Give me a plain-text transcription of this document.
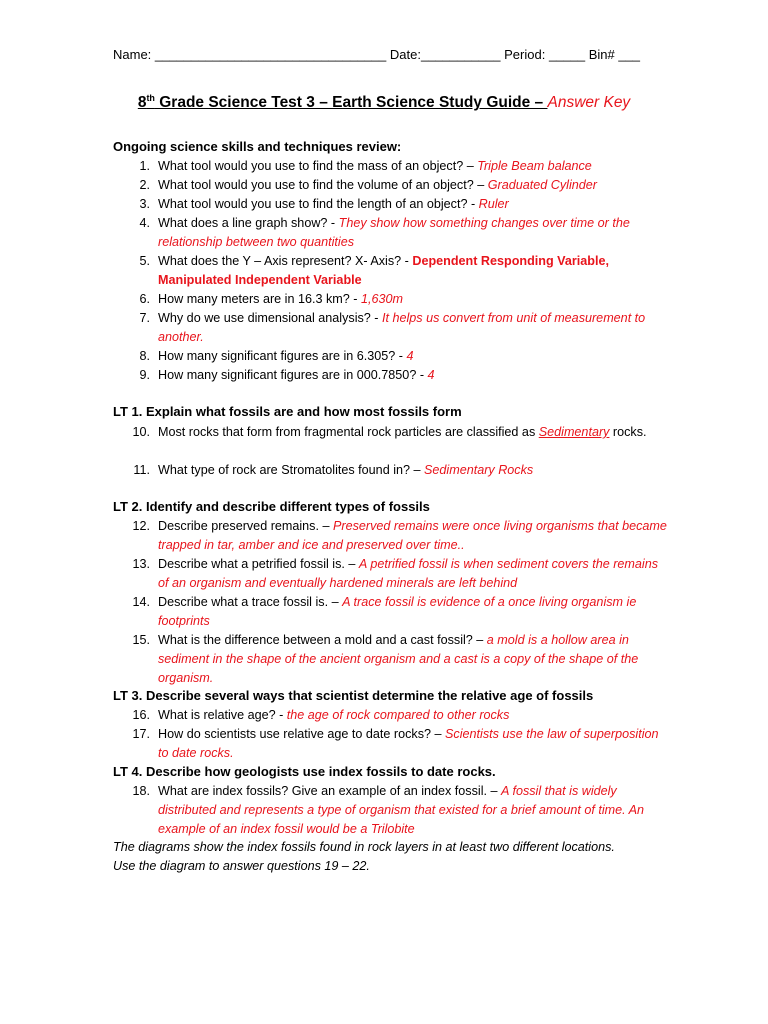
Name: ________________________________ Date:___________ Period: _____ Bin# ___
8th Grade Science Test 3 – Earth Science Study Guide – Answer Key
Ongoing science skills and techniques review:
1. What tool would you use to find the mass of an object? – Triple Beam balance
2. What tool would you use to find the volume of an object? – Graduated Cylinder
3. What tool would you use to find the length of an object? - Ruler
4. What does a line graph show? - They show how something changes over time or the relationship between two quantities
5. What does the Y – Axis represent? X- Axis? - Dependent Responding Variable, Manipulated Independent Variable
6. How many meters are in 16.3 km? - 1,630m
7. Why do we use dimensional analysis? - It helps us convert from unit of measurement to another.
8. How many significant figures are in 6.305? - 4
9. How many significant figures are in 000.7850? - 4
LT 1. Explain what fossils are and how most fossils form
10. Most rocks that form from fragmental rock particles are classified as Sedimentary rocks.
11. What type of rock are Stromatolites found in? – Sedimentary Rocks
LT 2. Identify and describe different types of fossils
12. Describe preserved remains. – Preserved remains were once living organisms that became trapped in tar, amber and ice and preserved over time..
13. Describe what a petrified fossil is. – A petrified fossil is when sediment covers the remains of an organism and eventually hardened minerals are left behind
14. Describe what a trace fossil is. – A trace fossil is evidence of a once living organism ie footprints
15. What is the difference between a mold and a cast fossil? – a mold is a hollow area in sediment in the shape of the ancient organism and a cast is a copy of the shape of the organism.
LT 3. Describe several ways that scientist determine the relative age of fossils
16. What is relative age? - the age of rock compared to other rocks
17. How do scientists use relative age to date rocks? – Scientists use the law of superposition to date rocks.
LT 4. Describe how geologists use index fossils to date rocks.
18. What are index fossils? Give an example of an index fossil. – A fossil that is widely distributed and represents a type of organism that existed for a brief amount of time. An example of an index fossil would be a Trilobite
The diagrams show the index fossils found in rock layers in at least two different locations. Use the diagram to answer questions 19 – 22.
